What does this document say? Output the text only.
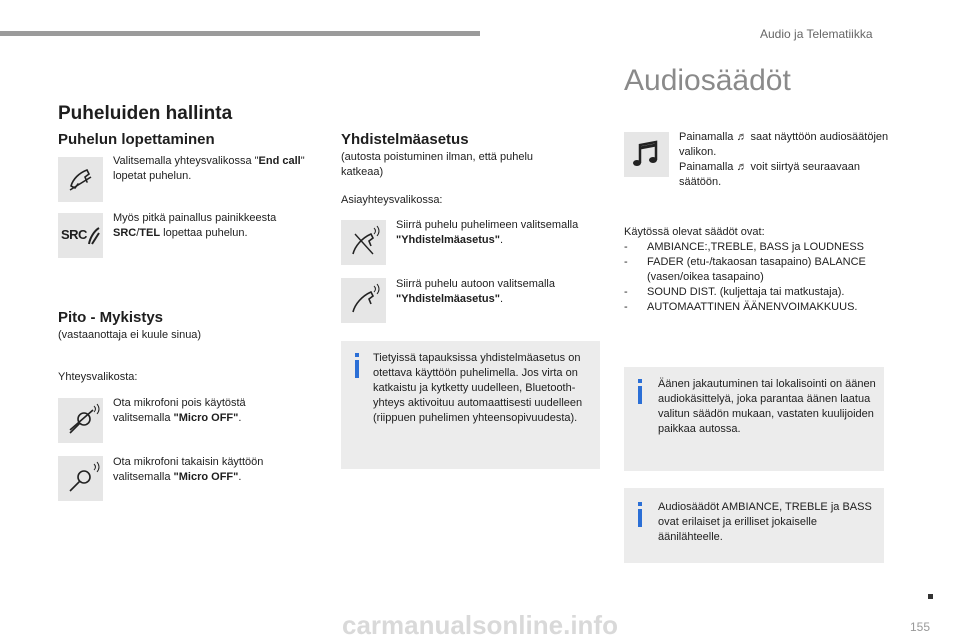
Audio ja Telematiikka
Puheluiden hallinta
Puhelun lopettaminen
Valitsemalla yhteysvalikossa "End call" lopetat puhelun.
SRC
Myös pitkä painallus painikkeesta SRC/TEL lopettaa puhelun.
Pito - Mykistys
(vastaanottaja ei kuule sinua)
Yhteysvalikosta:
Ota mikrofoni pois käytöstä valitsemalla "Micro OFF".
Ota mikrofoni takaisin käyttöön valitsemalla "Micro OFF".
Yhdistelmäasetus
(autosta poistuminen ilman, että puhelu katkeaa)
Asiayhteysvalikossa:
Siirrä puhelu puhelimeen valitsemalla "Yhdistelmäasetus".
Siirrä puhelu autoon valitsemalla "Yhdistelmäasetus".
Tietyissä tapauksissa yhdistelmäasetus on otettava käyttöön puhelimella. Jos virta on katkaistu ja kytketty uudelleen, Bluetooth-yhteys aktivoituu automaattisesti uudelleen (riippuen puhelimen yhteensopivuudesta).
Audiosäädöt
Painamalla ♬ saat näyttöön audiosäätöjen valikon.
Painamalla ♬ voit siirtyä seuraavaan säätöön.
Käytössä olevat säädöt ovat:
- AMBIANCE:,TREBLE, BASS ja LOUDNESS
- FADER (etu-/takaosan tasapaino) BALANCE (vasen/oikea tasapaino)
- SOUND DIST. (kuljettaja tai matkustaja).
- AUTOMAATTINEN ÄÄNENVOIMAKKUUS.
Äänen jakautuminen tai lokalisointi on äänen audiokäsittelyä, joka parantaa äänen laatua valitun säädön mukaan, vastaten kuulijoiden paikkaa autossa.
Audiosäädöt AMBIANCE, TREBLE ja BASS ovat erilaiset ja erilliset jokaiselle äänilähteelle.
155
carmanualsonline.info
